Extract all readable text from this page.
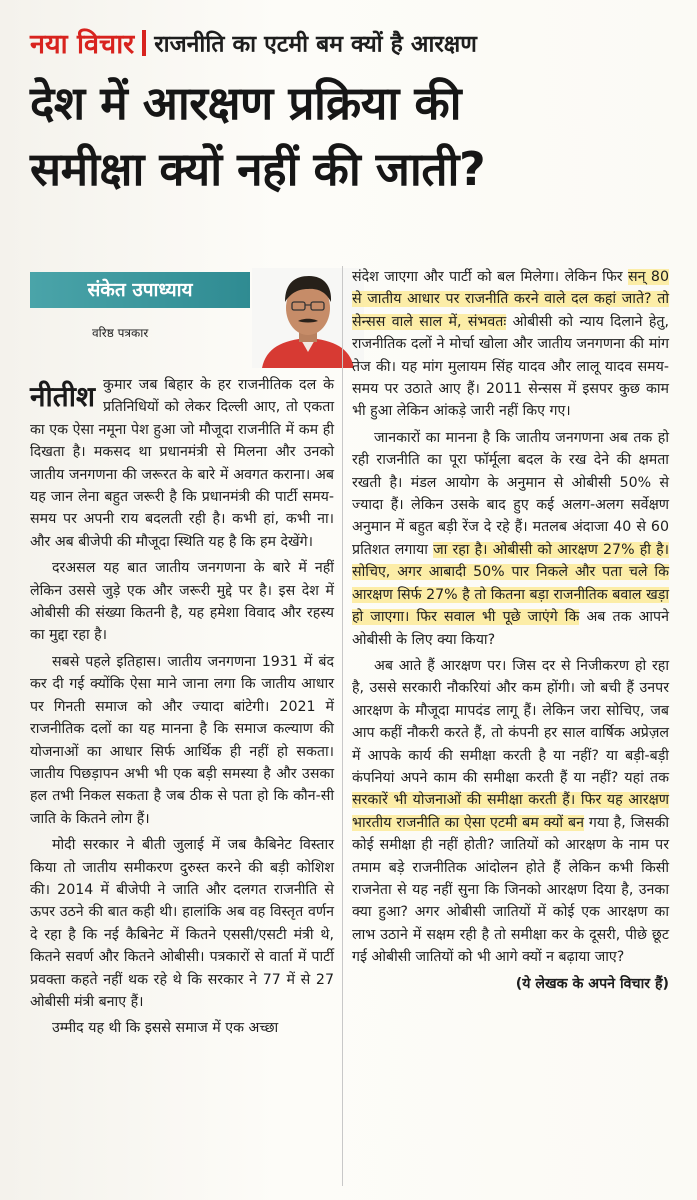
नया विचार राजनीति का एटमी बम क्यों है आरक्षण
देश में आरक्षण प्रक्रिया की
समीक्षा क्यों नहीं की जाती?
संकेत उपाध्याय
वरिष्ठ पत्रकार

नीतीश कुमार जब बिहार के हर राजनीतिक दल के प्रतिनिधियों को लेकर दिल्ली आए, तो एकता का एक ऐसा नमूना पेश हुआ जो मौजूदा राजनीति में कम ही दिखता है। मकसद था प्रधानमंत्री से मिलना और उनको जातीय जनगणना की जरूरत के बारे में अवगत कराना। अब यह जान लेना बहुत जरूरी है कि प्रधानमंत्री की पार्टी समय-समय पर अपनी राय बदलती रही है। कभी हां, कभी ना। और अब बीजेपी की मौजूदा स्थिति यह है कि हम देखेंगे।

दरअसल यह बात जातीय जनगणना के बारे में नहीं लेकिन उससे जुड़े एक और जरूरी मुद्दे पर है। इस देश में ओबीसी की संख्या कितनी है, यह हमेशा विवाद और रहस्य का मुद्दा रहा है।

सबसे पहले इतिहास। जातीय जनगणना 1931 में बंद कर दी गई क्योंकि ऐसा माने जाना लगा कि जातीय आधार पर गिनती समाज को और ज्यादा बांटेगी। 2021 में राजनीतिक दलों का यह मानना है कि समाज कल्याण की योजनाओं का आधार सिर्फ आर्थिक ही नहीं हो सकता। जातीय पिछड़ापन अभी भी एक बड़ी समस्या है और उसका हल तभी निकल सकता है जब ठीक से पता हो कि कौन-सी जाति के कितने लोग हैं।

मोदी सरकार ने बीती जुलाई में जब कैबिनेट विस्तार किया तो जातीय समीकरण दुरुस्त करने की बड़ी कोशिश की। 2014 में बीजेपी ने जाति और दलगत राजनीति से ऊपर उठने की बात कही थी। हालांकि अब वह विस्तृत वर्णन दे रहा है कि नई कैबिनेट में कितने एससी/एसटी मंत्री थे, कितने सवर्ण और कितने ओबीसी। पत्रकारों से वार्ता में पार्टी प्रवक्ता कहते नहीं थक रहे थे कि सरकार ने 77 में से 27 ओबीसी मंत्री बनाए हैं।

उम्मीद यह थी कि इससे समाज में एक अच्छा

संदेश जाएगा और पार्टी को बल मिलेगा। लेकिन फिर सन् 80 से जातीय आधार पर राजनीति करने वाले दल कहां जाते? तो सेन्सस वाले साल में, संभवतः ओबीसी को न्याय दिलाने हेतु, राजनीतिक दलों ने मोर्चा खोला और जातीय जनगणना की मांग तेज की। यह मांग मुलायम सिंह यादव और लालू यादव समय-समय पर उठाते आए हैं। 2011 सेन्सस में इसपर कुछ काम भी हुआ लेकिन आंकड़े जारी नहीं किए गए।

जानकारों का मानना है कि जातीय जनगणना अब तक हो रही राजनीति का पूरा फॉर्मूला बदल के रख देने की क्षमता रखती है। मंडल आयोग के अनुमान से ओबीसी 50% से ज्यादा हैं। लेकिन उसके बाद हुए कई अलग-अलग सर्वेक्षण अनुमान में बहुत बड़ी रेंज दे रहे हैं। मतलब अंदाजा 40 से 60 प्रतिशत लगाया जा रहा है। ओबीसी को आरक्षण 27% ही है। सोचिए, अगर आबादी 50% पार निकले और पता चले कि आरक्षण सिर्फ 27% है तो कितना बड़ा राजनीतिक बवाल खड़ा हो जाएगा। फिर सवाल भी पूछे जाएंगे कि अब तक आपने ओबीसी के लिए क्या किया?

अब आते हैं आरक्षण पर। जिस दर से निजीकरण हो रहा है, उससे सरकारी नौकरियां और कम होंगी। जो बची हैं उनपर आरक्षण के मौजूदा मापदंड लागू हैं। लेकिन जरा सोचिए, जब आप कहीं नौकरी करते हैं, तो कंपनी हर साल वार्षिक अप्रेज़ल में आपके कार्य की समीक्षा करती है या नहीं? या बड़ी-बड़ी कंपनियां अपने काम की समीक्षा करती हैं या नहीं? यहां तक सरकारें भी योजनाओं की समीक्षा करती हैं। फिर यह आरक्षण भारतीय राजनीति का ऐसा एटमी बम क्यों बन गया है, जिसकी कोई समीक्षा ही नहीं होती? जातियों को आरक्षण के नाम पर तमाम बड़े राजनीतिक आंदोलन होते हैं लेकिन कभी किसी राजनेता से यह नहीं सुना कि जिनको आरक्षण दिया है, उनका क्या हुआ? अगर ओबीसी जातियों में कोई एक आरक्षण का लाभ उठाने में सक्षम रही है तो समीक्षा कर के दूसरी, पीछे छूट गई ओबीसी जातियों को भी आगे क्यों न बढ़ाया जाए?

(ये लेखक के अपने विचार हैं)
